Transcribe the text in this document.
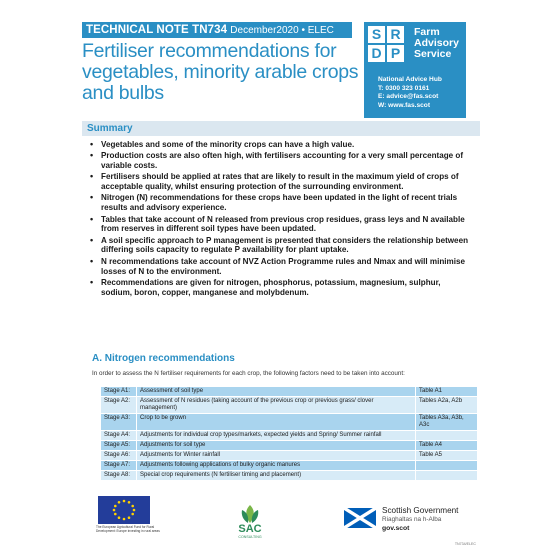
TECHNICAL NOTE TN734 December2020 • ELEC
Fertiliser recommendations for vegetables, minority arable crops and bulbs
S R
D P
Farm
Advisory
Service
National Advice Hub
T: 0300 323 0161
E: advice@fas.scot
W: www.fas.scot
Summary
• Vegetables and some of the minority crops can have a high value.
• Production costs are also often high, with fertilisers accounting for a very small percentage of variable costs.
• Fertilisers should be applied at rates that are likely to result in the maximum yield of crops of acceptable quality, whilst ensuring protection of the surrounding environment.
• Nitrogen (N) recommendations for these crops have been updated in the light of recent trials results and advisory experience.
• Tables that take account of N released from previous crop residues, grass leys and N available from reserves in different soil types have been updated.
• A soil specific approach to P management is presented that considers the relationship between differing soils capacity to regulate P availability for plant uptake.
• N recommendations take account of NVZ Action Programme rules and Nmax and will minimise losses of N to the environment.
• Recommendations are given for nitrogen, phosphorus, potassium, magnesium, sulphur, sodium, boron, copper, manganese and molybdenum.
A. Nitrogen recommendations
In order to assess the N fertiliser requirements for each crop, the following factors need to be taken into account:
Stage A1:	Assessment of soil type	Table A1
Stage A2:	Assessment of N residues (taking account of the previous crop or previous grass/ clover management)	Tables A2a, A2b
Stage A3:	Crop to be grown	Tables A3a, A3b, A3c
Stage A4:	Adjustments for individual crop types/markets, expected yields and Spring/ Summer rainfall	
Stage A5:	Adjustments for soil type	Table A4
Stage A6:	Adjustments for Winter rainfall	Table A5
Stage A7:	Adjustments following applications of bulky organic manures	
Stage A8:	Special crop requirements (N fertiliser timing and placement)	
The European Agricultural Fund for Rural Development: Europe investing in rural areas	SAC
CONSULTING
Scottish Government
Riaghaltas na h-Alba
gov.scot
TN734/ELEC
